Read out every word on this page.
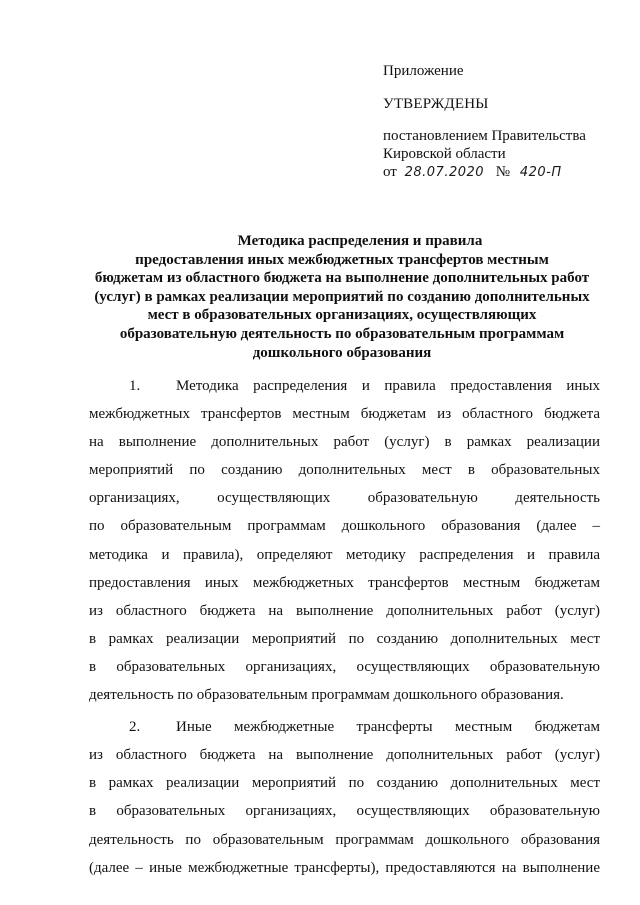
Приложение
УТВЕРЖДЕНЫ
постановлением Правительства
Кировской области
от 28.07.2020 № 420-П
Методика распределения и правила
предоставления иных межбюджетных трансфертов местным
бюджетам из областного бюджета на выполнение дополнительных работ
(услуг) в рамках реализации мероприятий по созданию дополнительных
мест в образовательных организациях, осуществляющих
образовательную деятельность по образовательным программам
дошкольного образования
1. Методика распределения и правила предоставления иных
межбюджетных трансфертов местным бюджетам из областного бюджета
на выполнение дополнительных работ (услуг) в рамках реализации
мероприятий по созданию дополнительных мест в образовательных
организациях, осуществляющих образовательную деятельность
по образовательным программам дошкольного образования (далее –
методика и правила), определяют методику распределения и правила
предоставления иных межбюджетных трансфертов местным бюджетам
из областного бюджета на выполнение дополнительных работ (услуг)
в рамках реализации мероприятий по созданию дополнительных мест
в образовательных организациях, осуществляющих образовательную
деятельность по образовательным программам дошкольного образования.
2. Иные межбюджетные трансферты местным бюджетам
из областного бюджета на выполнение дополнительных работ (услуг)
в рамках реализации мероприятий по созданию дополнительных мест
в образовательных организациях, осуществляющих образовательную
деятельность по образовательным программам дошкольного образования
(далее – иные межбюджетные трансферты), предоставляются на выполнение
